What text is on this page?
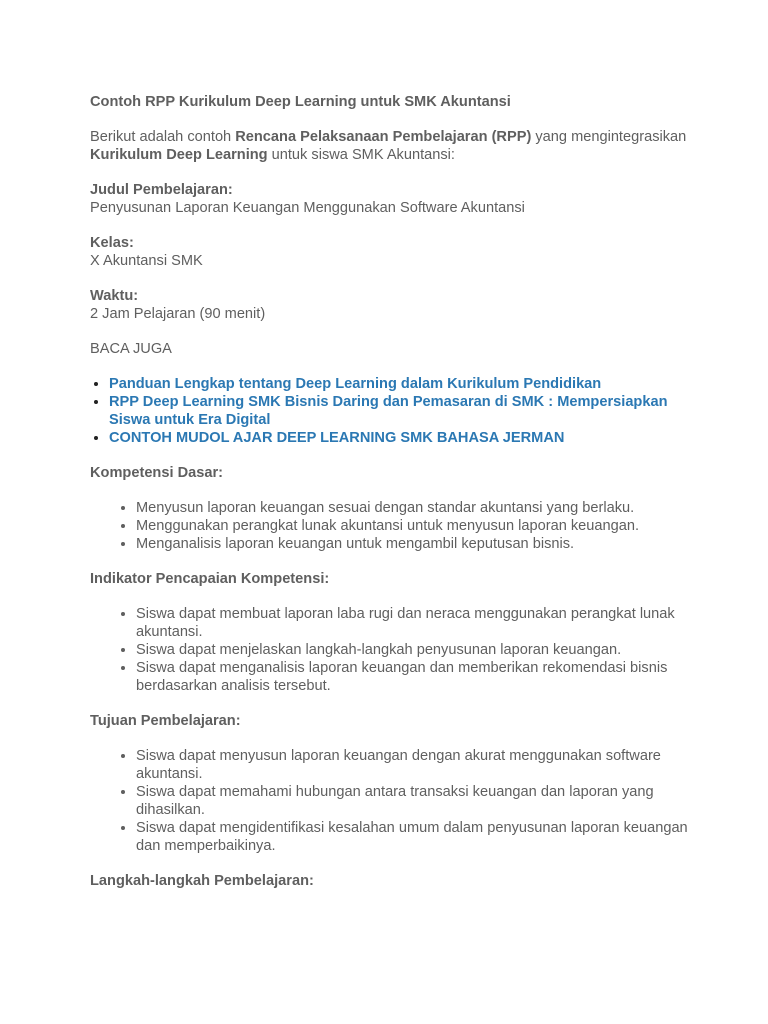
Contoh RPP Kurikulum Deep Learning untuk SMK Akuntansi
Berikut adalah contoh Rencana Pelaksanaan Pembelajaran (RPP) yang mengintegrasikan Kurikulum Deep Learning untuk siswa SMK Akuntansi:
Judul Pembelajaran:
Penyusunan Laporan Keuangan Menggunakan Software Akuntansi
Kelas:
X Akuntansi SMK
Waktu:
2 Jam Pelajaran (90 menit)
BACA JUGA
• Panduan Lengkap tentang Deep Learning dalam Kurikulum Pendidikan
• RPP Deep Learning SMK Bisnis Daring dan Pemasaran di SMK : Mempersiapkan Siswa untuk Era Digital
• CONTOH MUDOL AJAR DEEP LEARNING SMK BAHASA JERMAN
Kompetensi Dasar:
• Menyusun laporan keuangan sesuai dengan standar akuntansi yang berlaku.
• Menggunakan perangkat lunak akuntansi untuk menyusun laporan keuangan.
• Menganalisis laporan keuangan untuk mengambil keputusan bisnis.
Indikator Pencapaian Kompetensi:
• Siswa dapat membuat laporan laba rugi dan neraca menggunakan perangkat lunak akuntansi.
• Siswa dapat menjelaskan langkah-langkah penyusunan laporan keuangan.
• Siswa dapat menganalisis laporan keuangan dan memberikan rekomendasi bisnis berdasarkan analisis tersebut.
Tujuan Pembelajaran:
• Siswa dapat menyusun laporan keuangan dengan akurat menggunakan software akuntansi.
• Siswa dapat memahami hubungan antara transaksi keuangan dan laporan yang dihasilkan.
• Siswa dapat mengidentifikasi kesalahan umum dalam penyusunan laporan keuangan dan memperbaikinya.
Langkah-langkah Pembelajaran:
